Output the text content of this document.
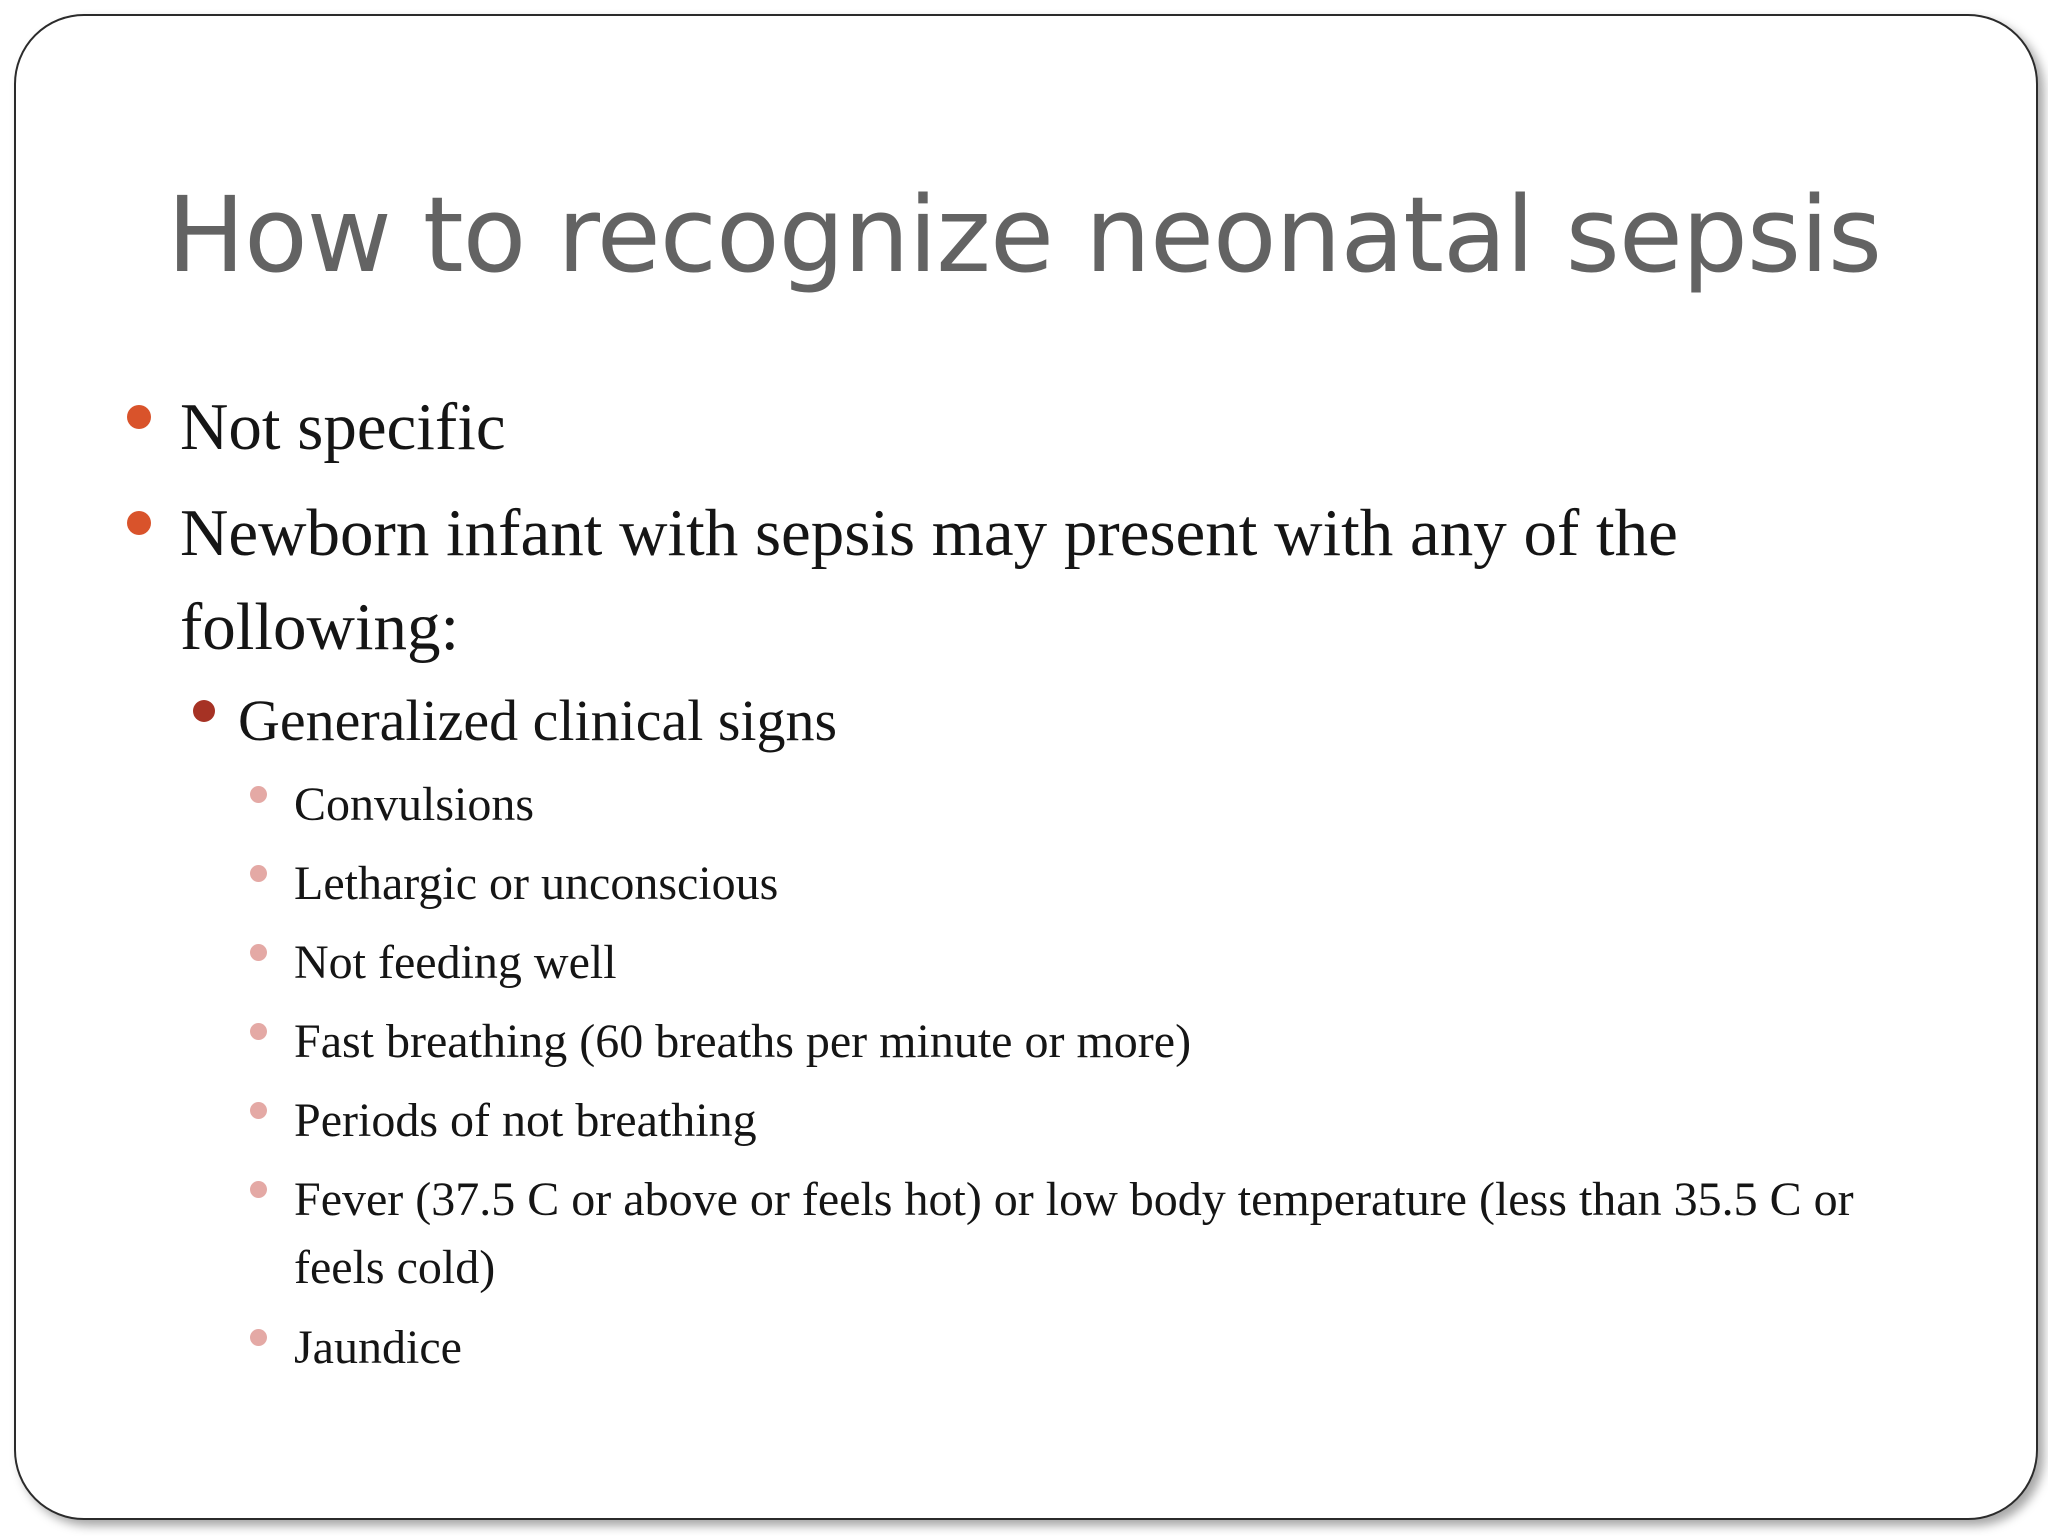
How to recognize neonatal sepsis
Not specific
Newborn infant with sepsis may present with any of the following:
Generalized clinical signs
Convulsions
Lethargic or unconscious
Not feeding well
Fast breathing (60 breaths per minute or more)
Periods of not breathing
Fever (37.5 C or above or feels hot) or low body temperature (less than 35.5 C or feels cold)
Jaundice
